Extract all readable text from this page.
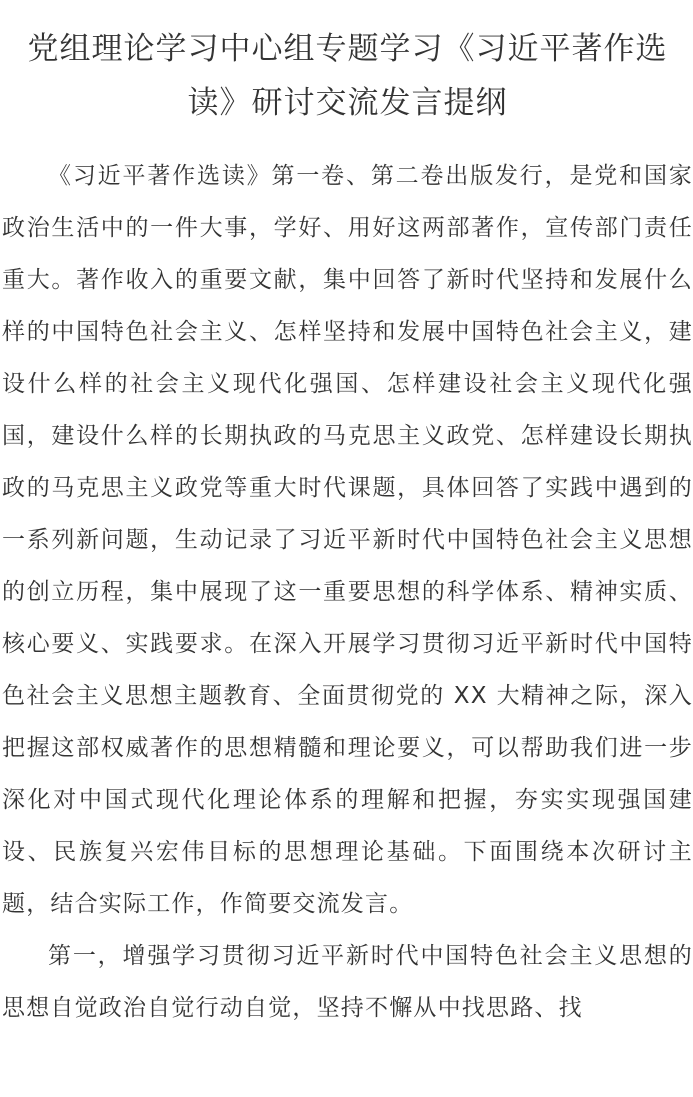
党组理论学习中心组专题学习《习近平著作选读》研讨交流发言提纲

《习近平著作选读》第一卷、第二卷出版发行，是党和国家政治生活中的一件大事，学好、用好这两部著作，宣传部门责任重大。著作收入的重要文献，集中回答了新时代坚持和发展什么样的中国特色社会主义、怎样坚持和发展中国特色社会主义，建设什么样的社会主义现代化强国、怎样建设社会主义现代化强国，建设什么样的长期执政的马克思主义政党、怎样建设长期执政的马克思主义政党等重大时代课题，具体回答了实践中遇到的一系列新问题，生动记录了习近平新时代中国特色社会主义思想的创立历程，集中展现了这一重要思想的科学体系、精神实质、核心要义、实践要求。在深入开展学习贯彻习近平新时代中国特色社会主义思想主题教育、全面贯彻党的 XX 大精神之际，深入把握这部权威著作的思想精髓和理论要义，可以帮助我们进一步深化对中国式现代化理论体系的理解和把握，夯实实现强国建设、民族复兴宏伟目标的思想理论基础。下面围绕本次研讨主题，结合实际工作，作简要交流发言。

第一，增强学习贯彻习近平新时代中国特色社会主义思想的思想自觉政治自觉行动自觉，坚持不懈从中找思路、找
